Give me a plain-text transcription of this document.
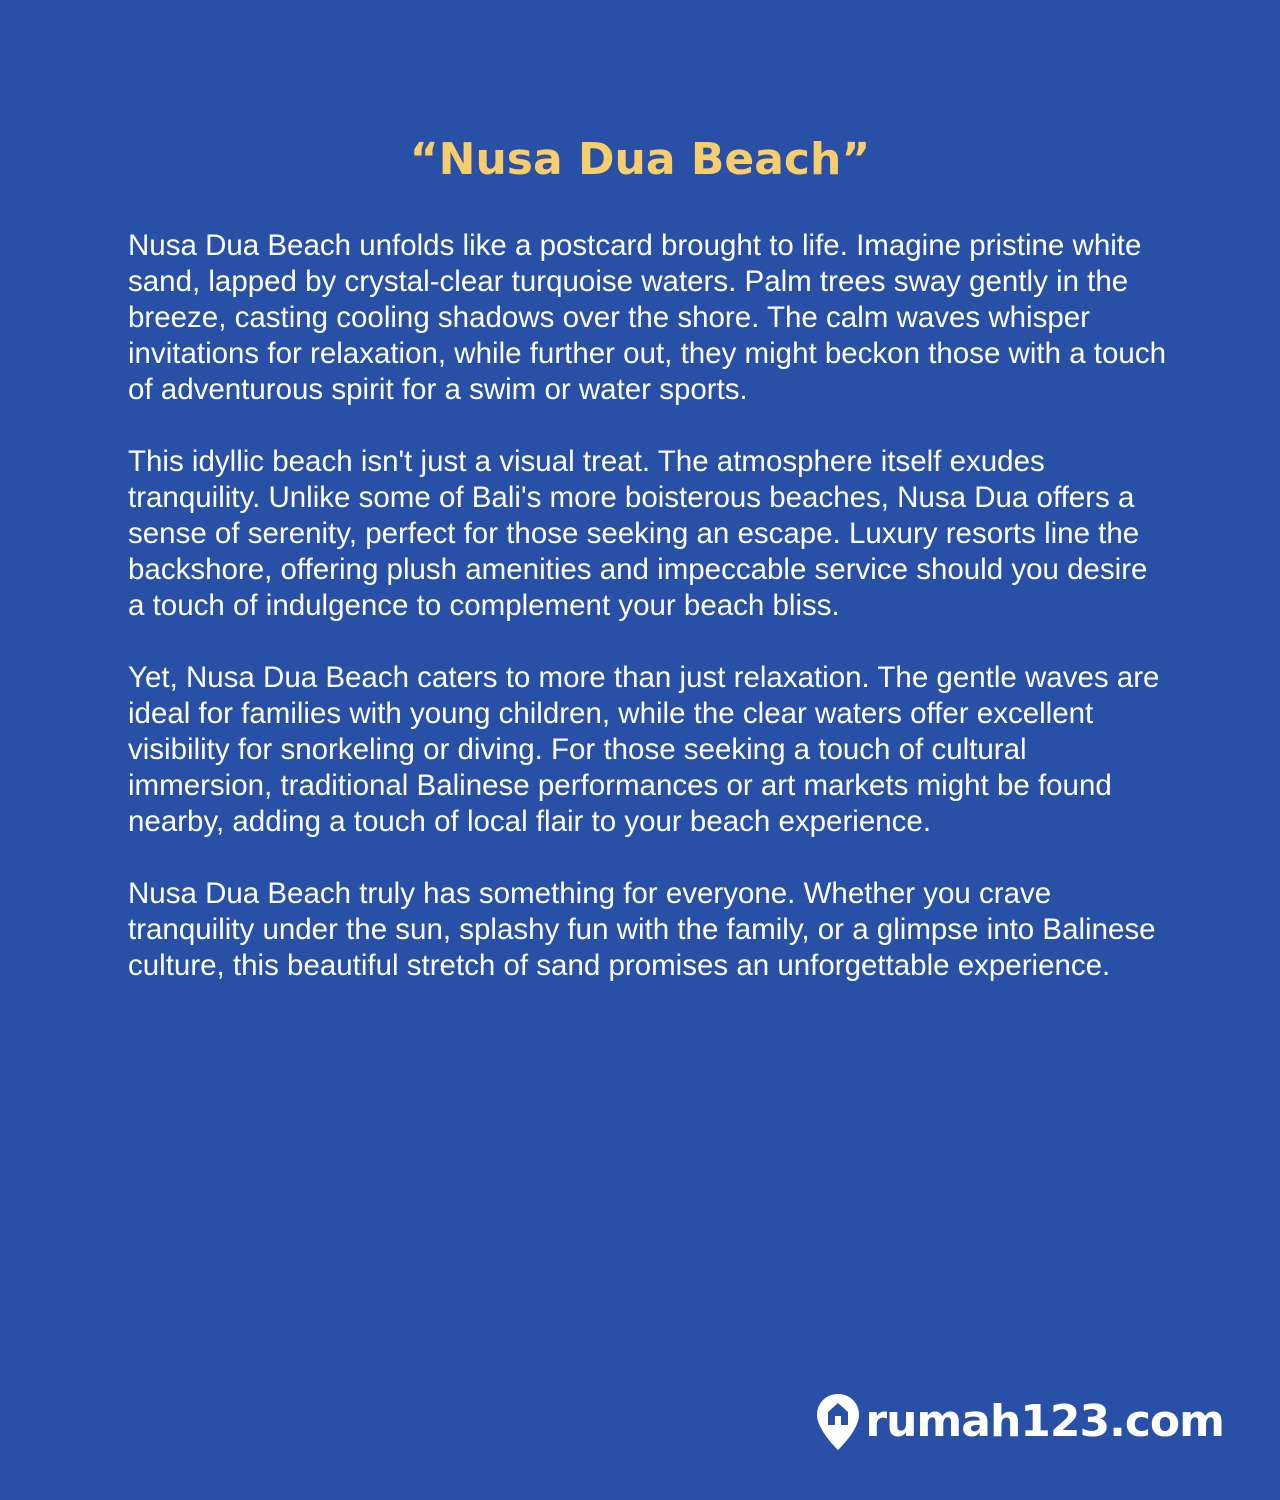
“Nusa Dua Beach”

Nusa Dua Beach unfolds like a postcard brought to life. Imagine pristine white sand, lapped by crystal-clear turquoise waters. Palm trees sway gently in the breeze, casting cooling shadows over the shore. The calm waves whisper invitations for relaxation, while further out, they might beckon those with a touch of adventurous spirit for a swim or water sports.

This idyllic beach isn't just a visual treat. The atmosphere itself exudes tranquility. Unlike some of Bali's more boisterous beaches, Nusa Dua offers a sense of serenity, perfect for those seeking an escape. Luxury resorts line the backshore, offering plush amenities and impeccable service should you desire a touch of indulgence to complement your beach bliss.

Yet, Nusa Dua Beach caters to more than just relaxation. The gentle waves are ideal for families with young children, while the clear waters offer excellent visibility for snorkeling or diving. For those seeking a touch of cultural immersion, traditional Balinese performances or art markets might be found nearby, adding a touch of local flair to your beach experience.

Nusa Dua Beach truly has something for everyone. Whether you crave tranquility under the sun, splashy fun with the family, or a glimpse into Balinese culture, this beautiful stretch of sand promises an unforgettable experience.

rumah123.com
